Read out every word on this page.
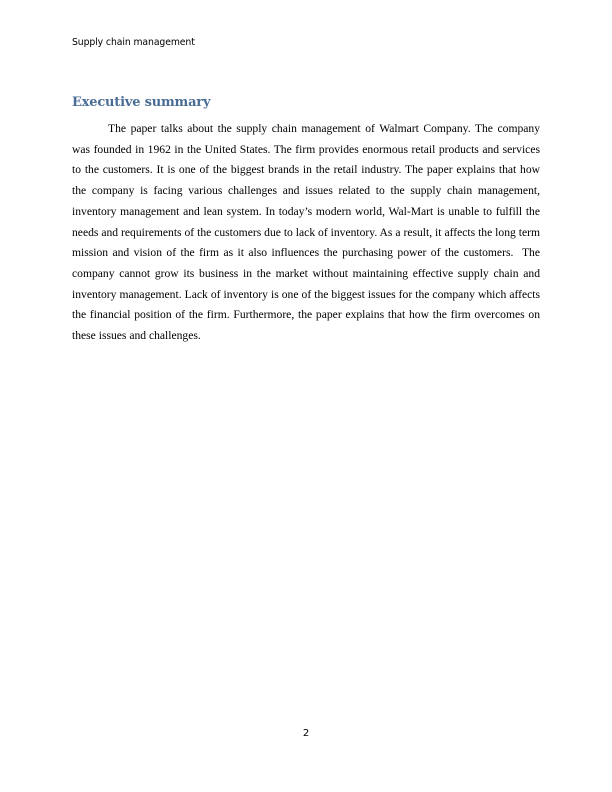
Supply chain management
Executive summary

The paper talks about the supply chain management of Walmart Company. The company was founded in 1962 in the United States. The firm provides enormous retail products and services to the customers. It is one of the biggest brands in the retail industry. The paper explains that how the company is facing various challenges and issues related to the supply chain management, inventory management and lean system. In today’s modern world, Wal-Mart is unable to fulfill the needs and requirements of the customers due to lack of inventory. As a result, it affects the long term mission and vision of the firm as it also influences the purchasing power of the customers.  The company cannot grow its business in the market without maintaining effective supply chain and inventory management. Lack of inventory is one of the biggest issues for the company which affects the financial position of the firm. Furthermore, the paper explains that how the firm overcomes on these issues and challenges.

2
